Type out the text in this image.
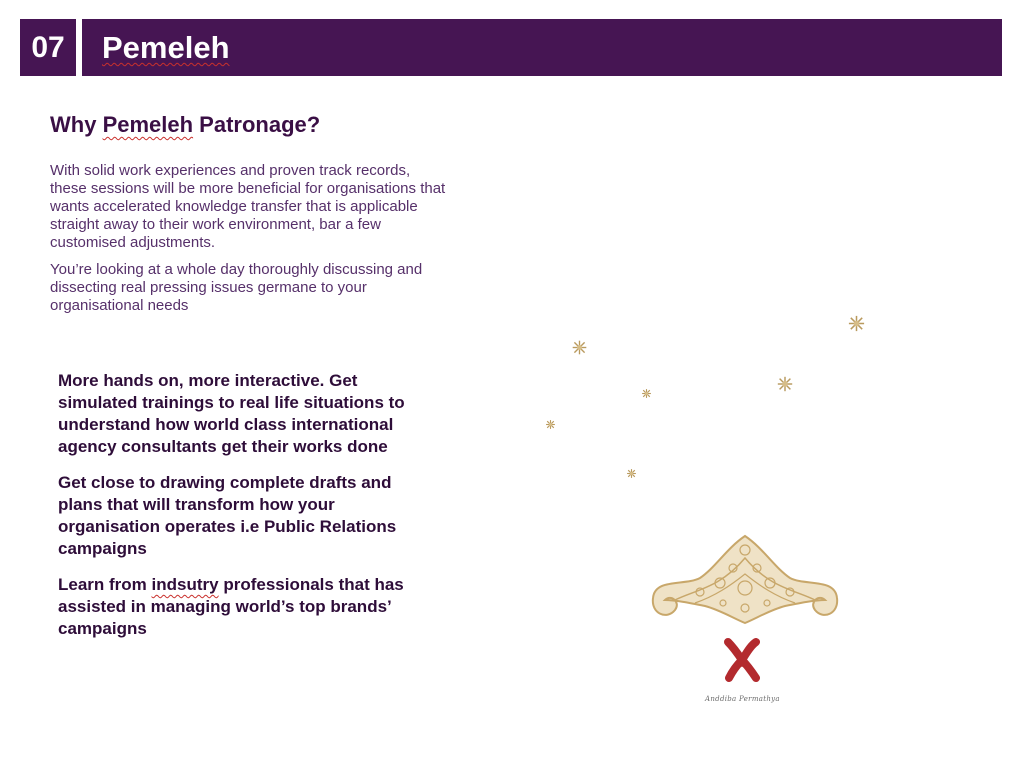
07	Pemeleh
Why Pemeleh Patronage?

With solid work experiences and proven track records, these sessions will be more beneficial for organisations that wants accelerated knowledge transfer that is applicable straight away to their work environment, bar a few customised adjustments.

You’re looking at a whole day thoroughly discussing and dissecting real pressing issues germane to your organisational needs

More hands on, more interactive. Get simulated trainings to real life situations to understand how world class international agency consultants get their works done

Get close to drawing complete drafts and plans that will transform how your organisation operates i.e Public Relations campaigns

Learn from indsutry professionals that has assisted in managing world’s top brands’ campaigns

Anddiba Permathya
